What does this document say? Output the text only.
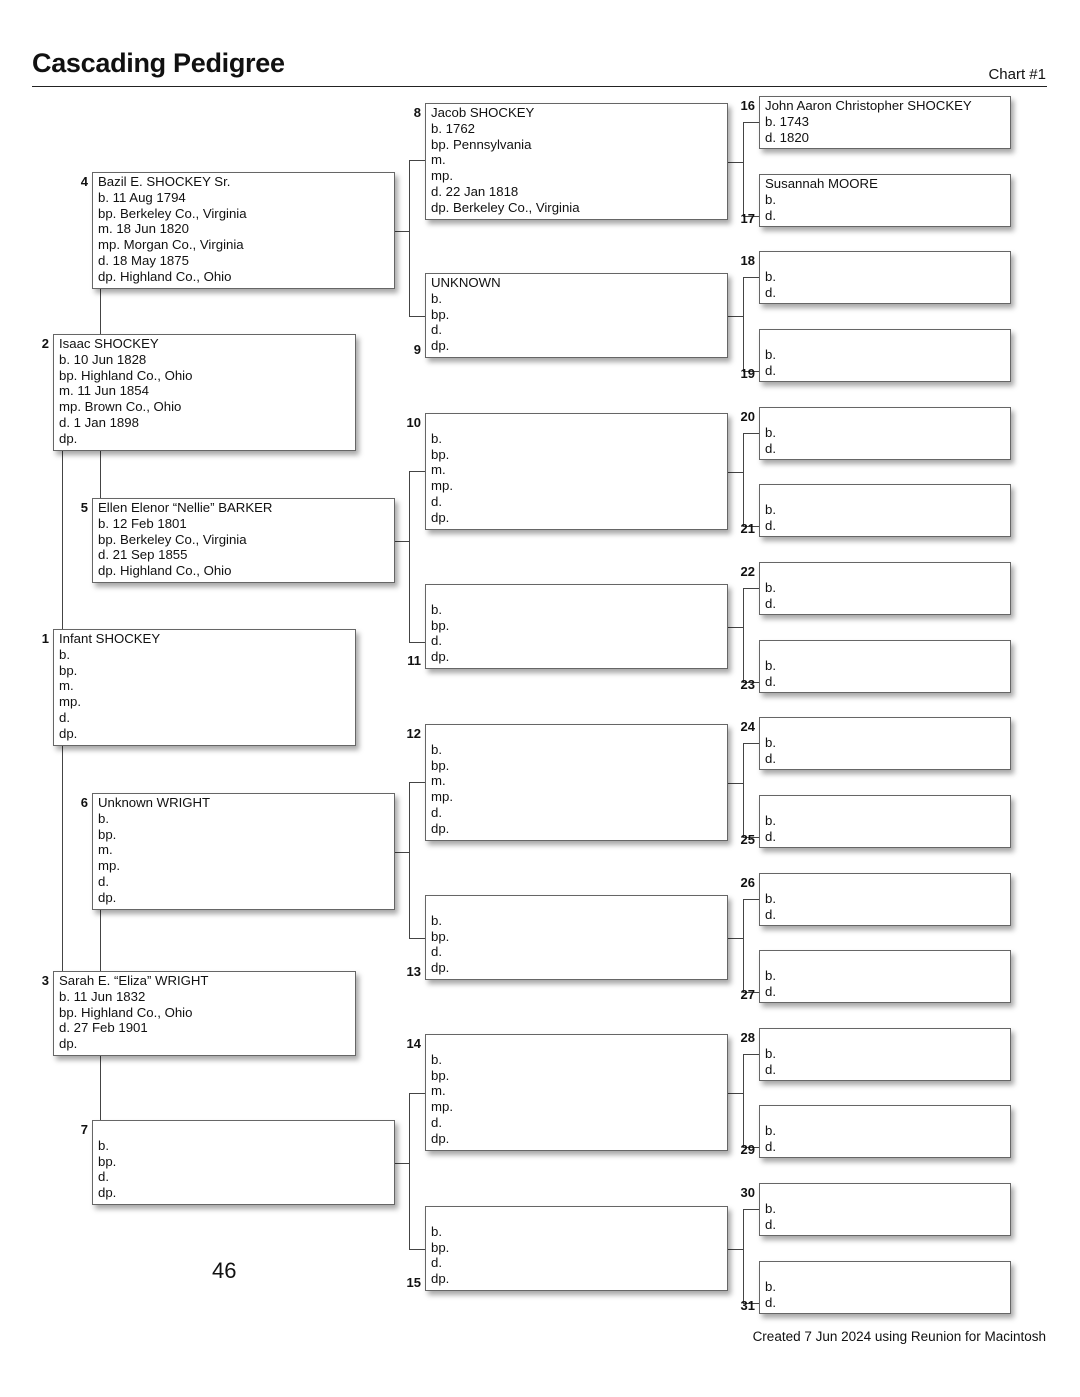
Cascading Pedigree	Chart #1
Infant SHOCKEY
b.
bp.
m.
mp.
d.
dp.
1
Isaac SHOCKEY
b. 10 Jun 1828
bp. Highland Co., Ohio
m. 11 Jun 1854
mp. Brown Co., Ohio
d. 1 Jan 1898
dp.
2
Sarah E. “Eliza” WRIGHT
b. 11 Jun 1832
bp. Highland Co., Ohio
d. 27 Feb 1901
dp.
3
Bazil E. SHOCKEY Sr.
b. 11 Aug 1794
bp. Berkeley Co., Virginia
m. 18 Jun 1820
mp. Morgan Co., Virginia
d. 18 May 1875
dp. Highland Co., Ohio
4
Ellen Elenor “Nellie” BARKER
b. 12 Feb 1801
bp. Berkeley Co., Virginia
d. 21 Sep 1855
dp. Highland Co., Ohio
5
Unknown WRIGHT
b.
bp.
m.
mp.
d.
dp.
6
b.
bp.
d.
dp.
7
Jacob SHOCKEY
b. 1762
bp. Pennsylvania
m.
mp.
d. 22 Jan 1818
dp. Berkeley Co., Virginia
8
UNKNOWN
b.
bp.
d.
dp.
9
b.
bp.
m.
mp.
d.
dp.
10
b.
bp.
d.
dp.
11
b.
bp.
m.
mp.
d.
dp.
12
b.
bp.
d.
dp.
13
b.
bp.
m.
mp.
d.
dp.
14
b.
bp.
d.
dp.
15
John Aaron Christopher SHOCKEY
b. 1743
d. 1820
16
Susannah MOORE
b.
d.
17
b.
d.
18
b.
d.
19
b.
d.
20
b.
d.
21
b.
d.
22
b.
d.
23
b.
d.
24
b.
d.
25
b.
d.
26
b.
d.
27
b.
d.
28
b.
d.
29
b.
d.
30
b.
d.
31
46
Created 7 Jun 2024 using Reunion for Macintosh
